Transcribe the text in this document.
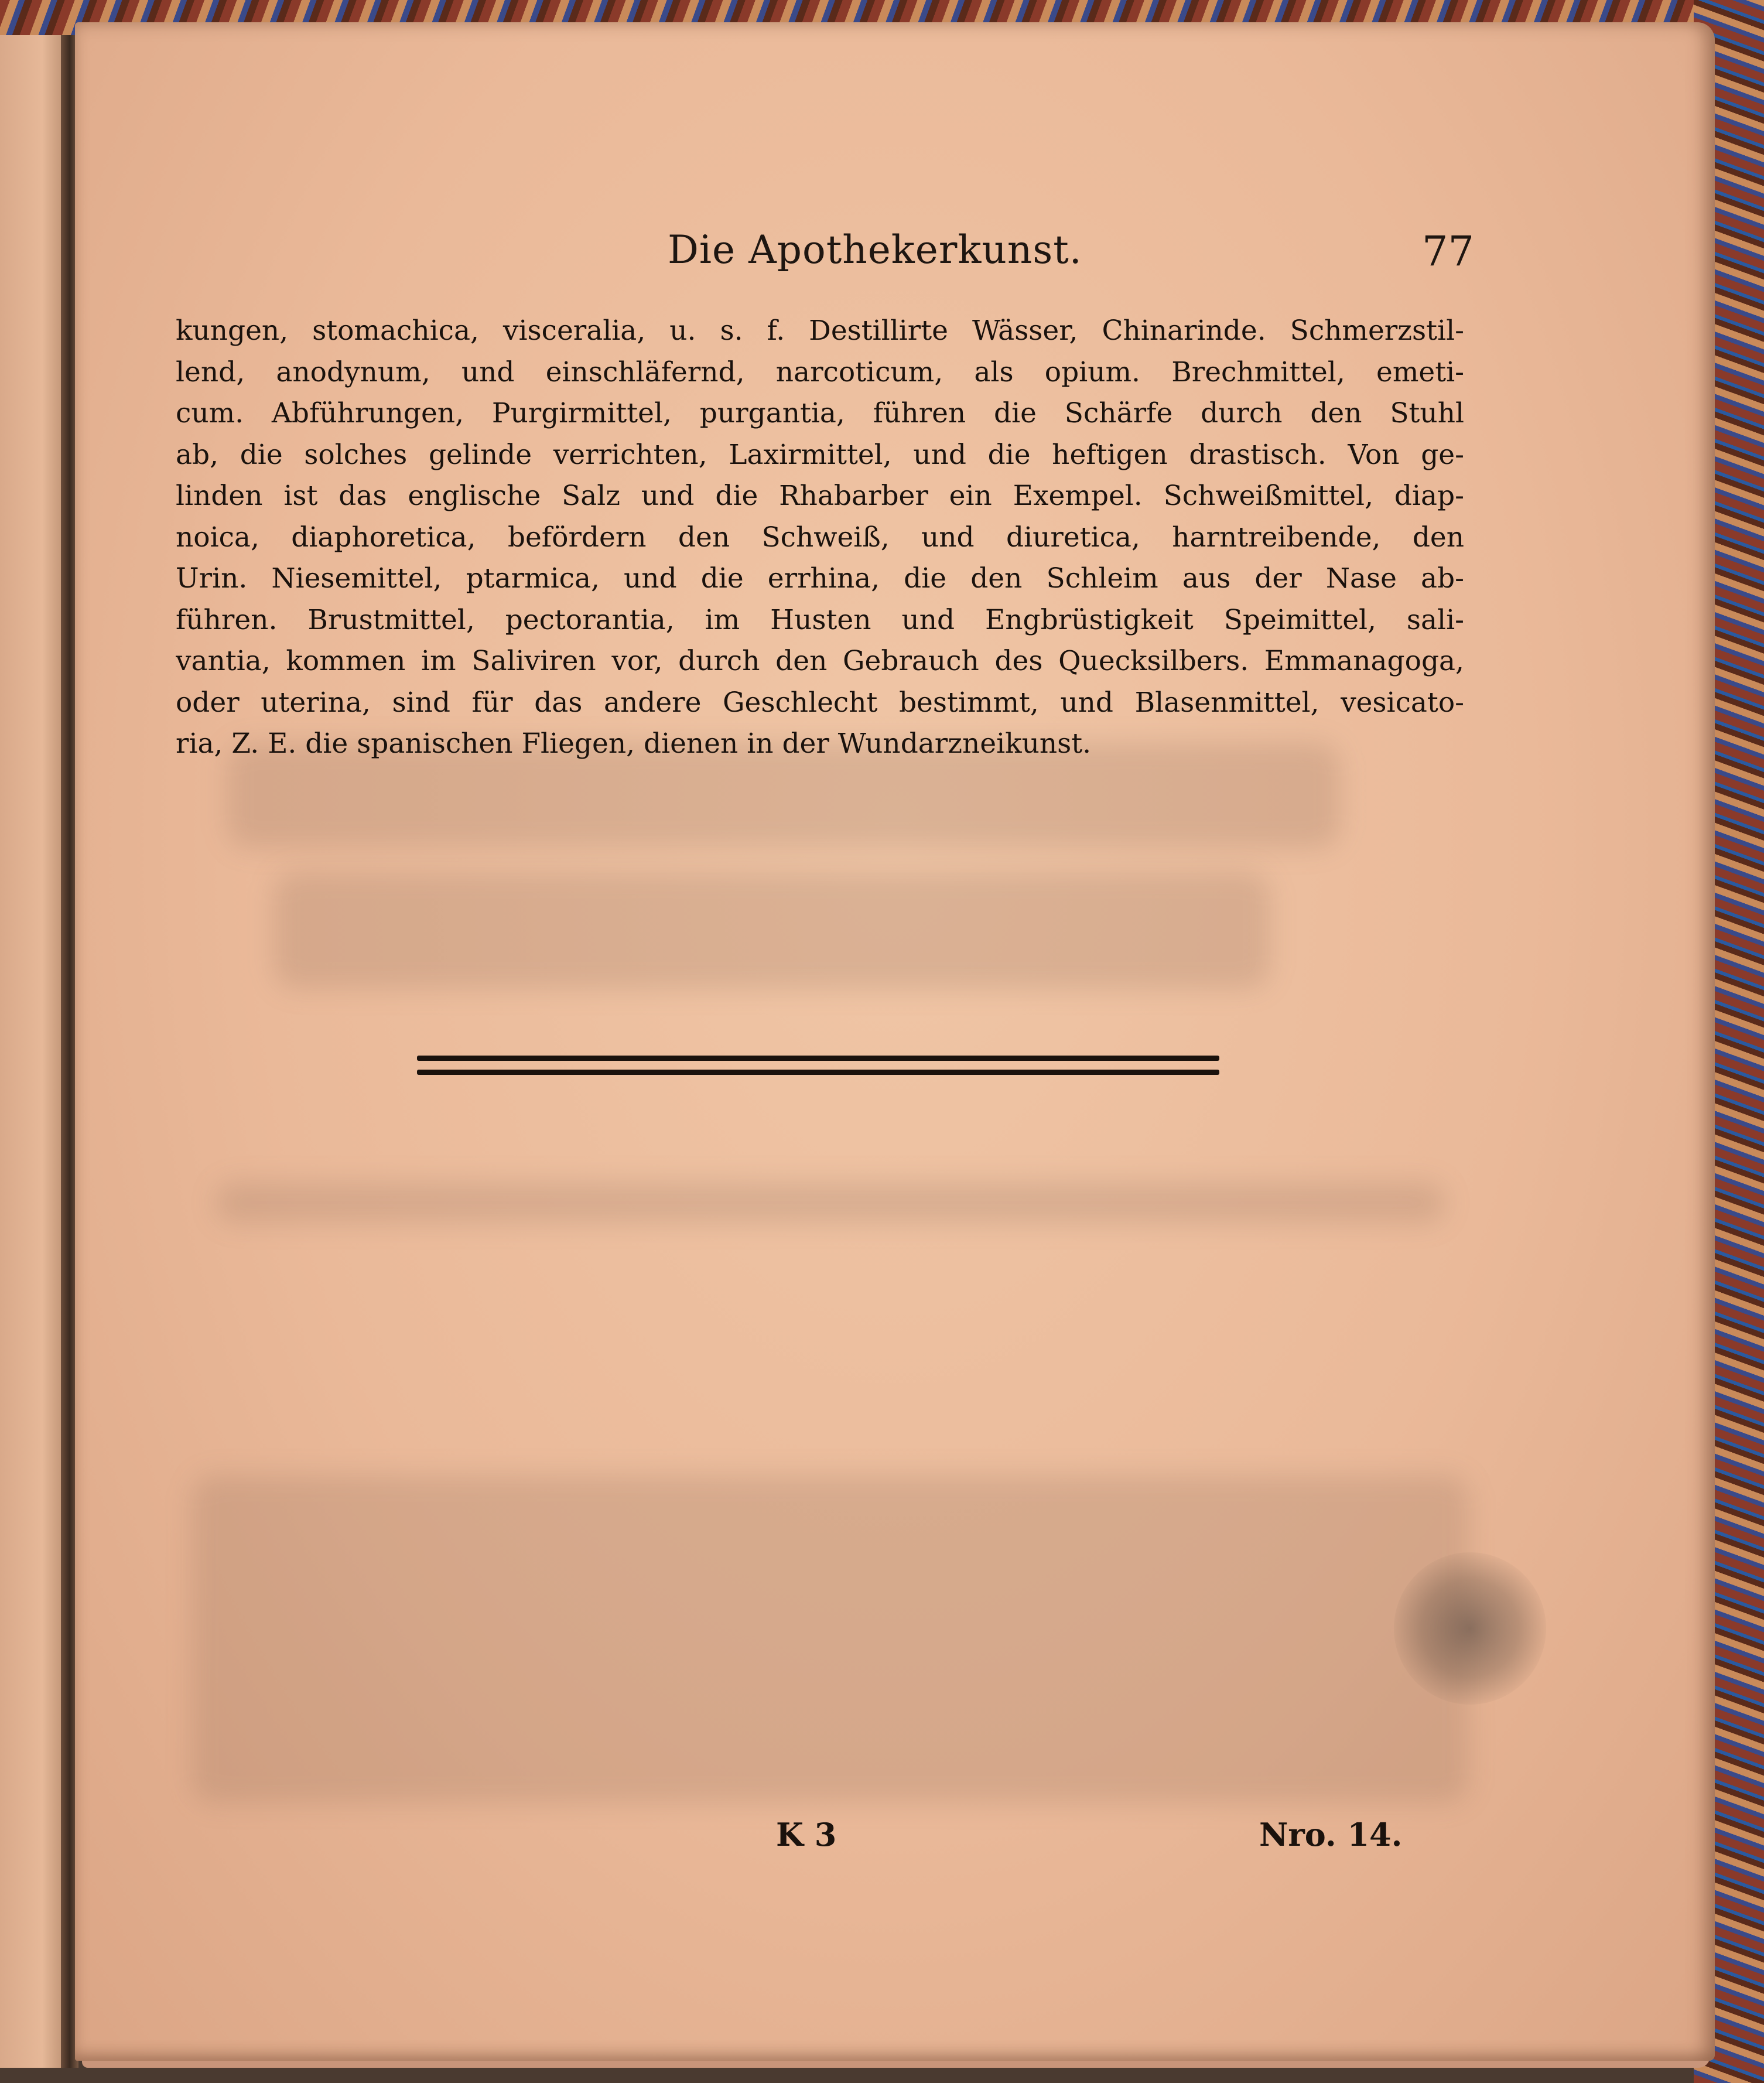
Die Apothekerkunst.	77
kungen, stomachica, visceralia, u. s. f. Destillirte Wässer, Chinarinde. Schmerzstil-
lend, anodynum, und einschläfernd, narcoticum, als opium. Brechmittel, emeti-
cum. Abführungen, Purgirmittel, purgantia, führen die Schärfe durch den Stuhl
ab, die solches gelinde verrichten, Laxirmittel, und die heftigen drastisch. Von ge-
linden ist das englische Salz und die Rhabarber ein Exempel. Schweißmittel, diap-
noica, diaphoretica, befördern den Schweiß, und diuretica, harntreibende, den
Urin. Niesemittel, ptarmica, und die errhina, die den Schleim aus der Nase ab-
führen. Brustmittel, pectorantia, im Husten und Engbrüstigkeit Speimittel, sali-
vantia, kommen im Saliviren vor, durch den Gebrauch des Quecksilbers. Emmanagoga,
oder uterina, sind für das andere Geschlecht bestimmt, und Blasenmittel, vesicato-
ria, Z. E. die spanischen Fliegen, dienen in der Wundarzneikunst.
K 3	Nro. 14.
